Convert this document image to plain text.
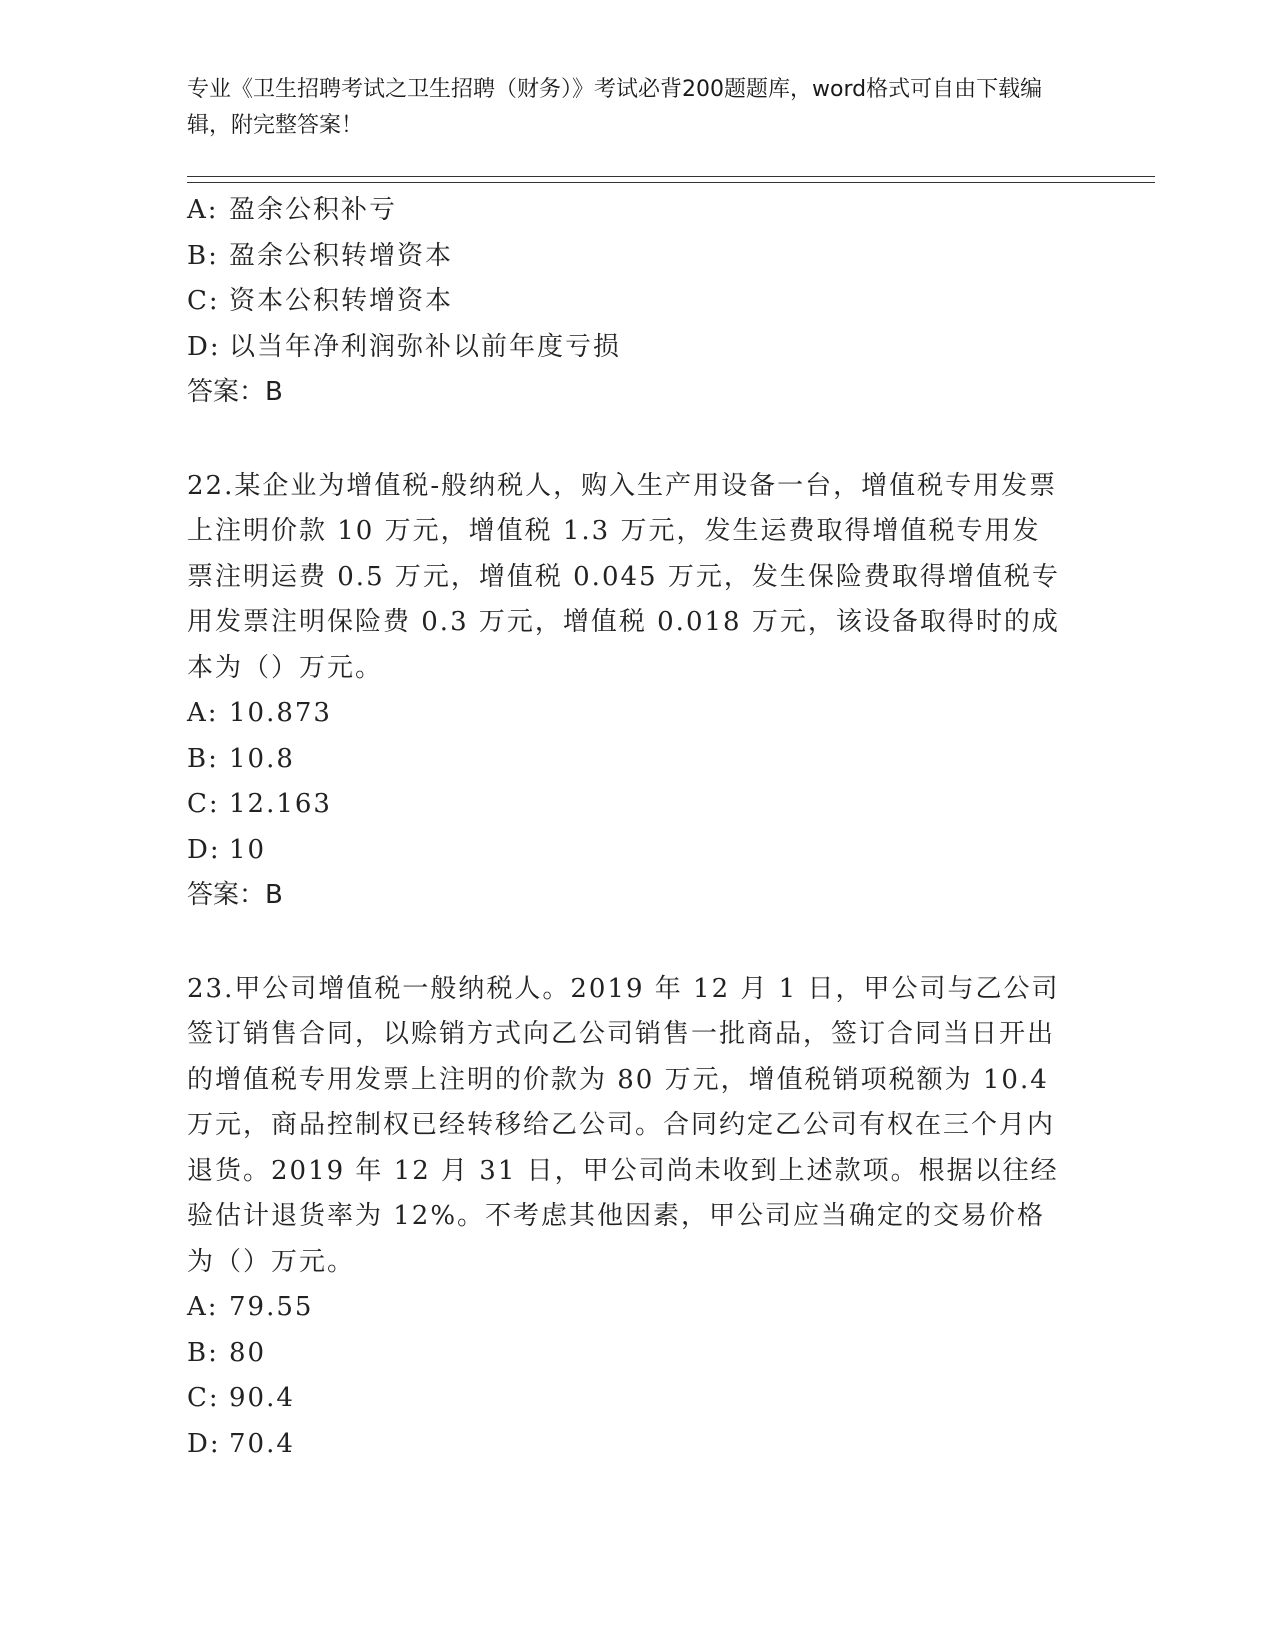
专业《卫生招聘考试之卫生招聘（财务）》考试必背200题题库，word格式可自由下载编辑，附完整答案！
A: 盈余公积补亏
B: 盈余公积转增资本
C: 资本公积转增资本
D: 以当年净利润弥补以前年度亏损
答案：B
22.某企业为增值税-般纳税人，购入生产用设备一台，增值税专用发票上注明价款 10 万元，增值税 1.3 万元，发生运费取得增值税专用发票注明运费 0.5 万元，增值税 0.045 万元，发生保险费取得增值税专用发票注明保险费 0.3 万元，增值税 0.018 万元，该设备取得时的成本为（）万元。
A: 10.873
B: 10.8
C: 12.163
D: 10
答案：B
23.甲公司增值税一般纳税人。2019 年 12 月 1 日，甲公司与乙公司签订销售合同，以赊销方式向乙公司销售一批商品，签订合同当日开出的增值税专用发票上注明的价款为 80 万元，增值税销项税额为 10.4 万元，商品控制权已经转移给乙公司。合同约定乙公司有权在三个月内退货。2019 年 12 月 31 日，甲公司尚未收到上述款项。根据以往经验估计退货率为 12%。不考虑其他因素，甲公司应当确定的交易价格为（）万元。
A: 79.55
B: 80
C: 90.4
D: 70.4
